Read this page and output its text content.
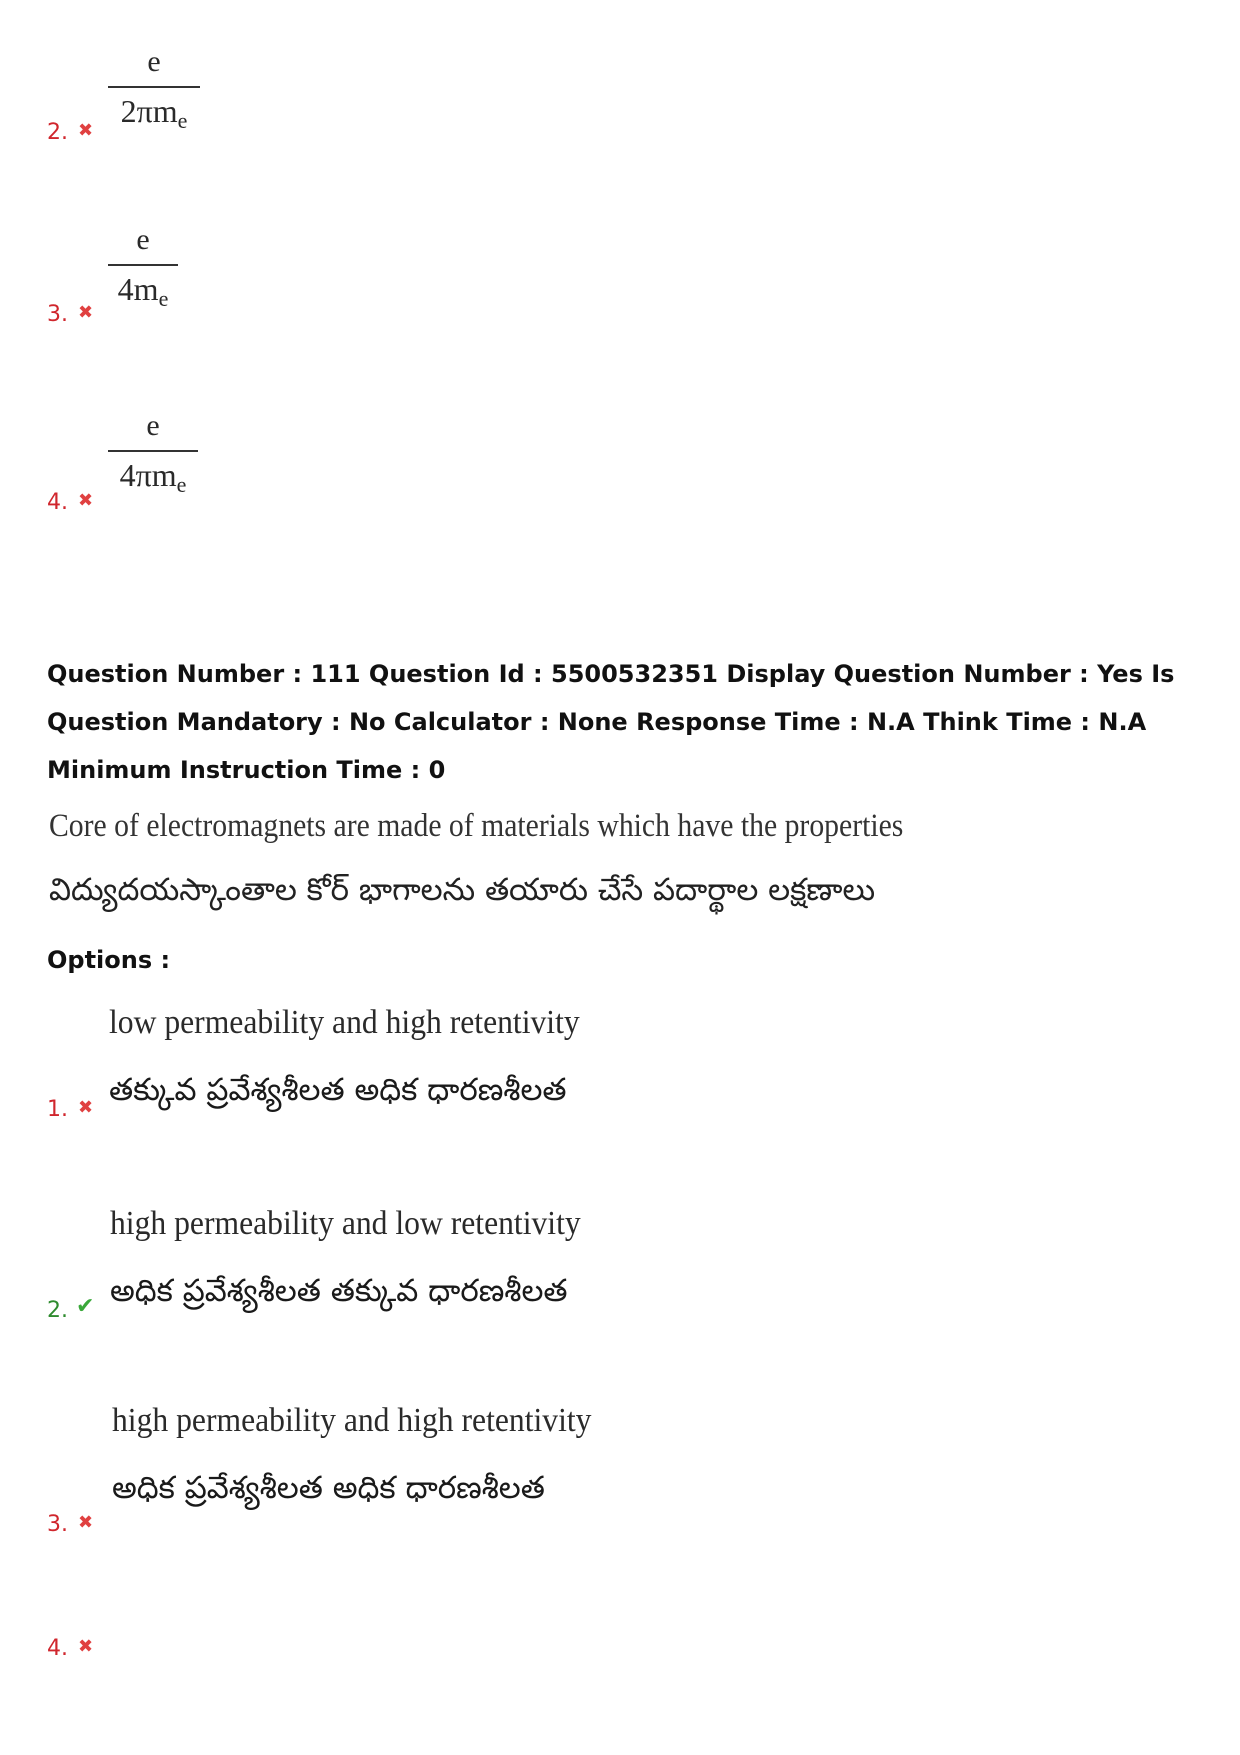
e
$2\pi m_e$
2. ✖
e
$4m_e$
3. ✖
e
$4\pi m_e$
4. ✖
Question Number : 111 Question Id : 5500532351 Display Question Number : Yes Is Question Mandatory : No Calculator : None Response Time : N.A Think Time : N.A Minimum Instruction Time : 0
Core of electromagnets are made of materials which have the properties
విద్యుదయస్కాంతాల కోర్ భాగాలను తయారు చేసే పదార్థాల లక్షణాలు
Options :
low permeability and high retentivity
తక్కువ ప్రవేశ్యశీలత అధిక ధారణశీలత
1. ✖
high permeability and low retentivity
అధిక ప్రవేశ్యశీలత తక్కువ ధారణశీలత
2. ✔
high permeability and high retentivity
అధిక ప్రవేశ్యశీలత అధిక ధారణశీలత
3. ✖
4. ✖
